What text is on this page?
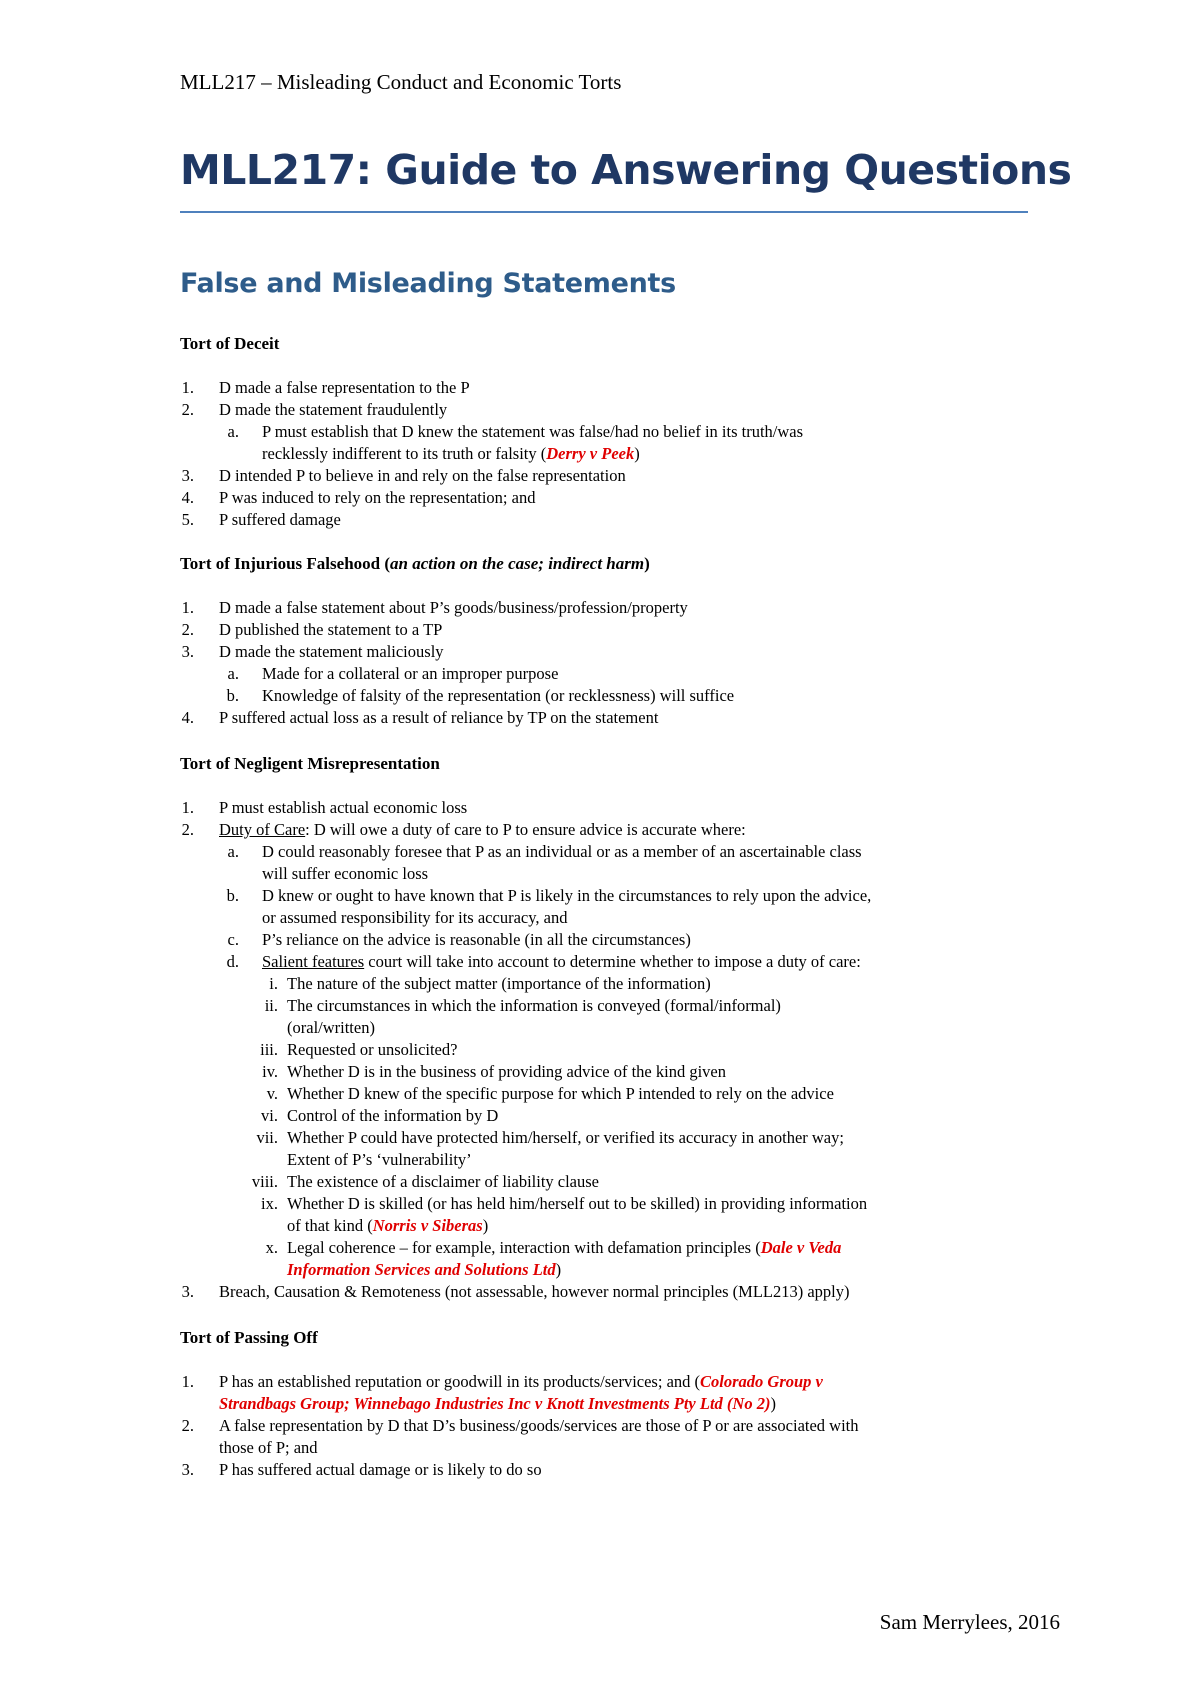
MLL217 – Misleading Conduct and Economic Torts
MLL217: Guide to Answering Questions
False and Misleading Statements
Tort of Deceit
1. D made a false representation to the P
2. D made the statement fraudulently
a. P must establish that D knew the statement was false/had no belief in its truth/was
recklessly indifferent to its truth or falsity (Derry v Peek)
3. D intended P to believe in and rely on the false representation
4. P was induced to rely on the representation; and
5. P suffered damage
Tort of Injurious Falsehood (an action on the case; indirect harm)
1. D made a false statement about P’s goods/business/profession/property
2. D published the statement to a TP
3. D made the statement maliciously
a. Made for a collateral or an improper purpose
b. Knowledge of falsity of the representation (or recklessness) will suffice
4. P suffered actual loss as a result of reliance by TP on the statement
Tort of Negligent Misrepresentation
1. P must establish actual economic loss
2. Duty of Care: D will owe a duty of care to P to ensure advice is accurate where:
a. D could reasonably foresee that P as an individual or as a member of an ascertainable class
will suffer economic loss
b. D knew or ought to have known that P is likely in the circumstances to rely upon the advice,
or assumed responsibility for its accuracy, and
c. P’s reliance on the advice is reasonable (in all the circumstances)
d. Salient features court will take into account to determine whether to impose a duty of care:
i. The nature of the subject matter (importance of the information)
ii. The circumstances in which the information is conveyed (formal/informal)
(oral/written)
iii. Requested or unsolicited?
iv. Whether D is in the business of providing advice of the kind given
v. Whether D knew of the specific purpose for which P intended to rely on the advice
vi. Control of the information by D
vii. Whether P could have protected him/herself, or verified its accuracy in another way;
Extent of P’s ‘vulnerability’
viii. The existence of a disclaimer of liability clause
ix. Whether D is skilled (or has held him/herself out to be skilled) in providing information
of that kind (Norris v Siberas)
x. Legal coherence – for example, interaction with defamation principles (Dale v Veda
Information Services and Solutions Ltd)
3. Breach, Causation & Remoteness (not assessable, however normal principles (MLL213) apply)
Tort of Passing Off
1. P has an established reputation or goodwill in its products/services; and (Colorado Group v
Strandbags Group; Winnebago Industries Inc v Knott Investments Pty Ltd (No 2))
2. A false representation by D that D’s business/goods/services are those of P or are associated with
those of P; and
3. P has suffered actual damage or is likely to do so
Sam Merrylees, 2016
